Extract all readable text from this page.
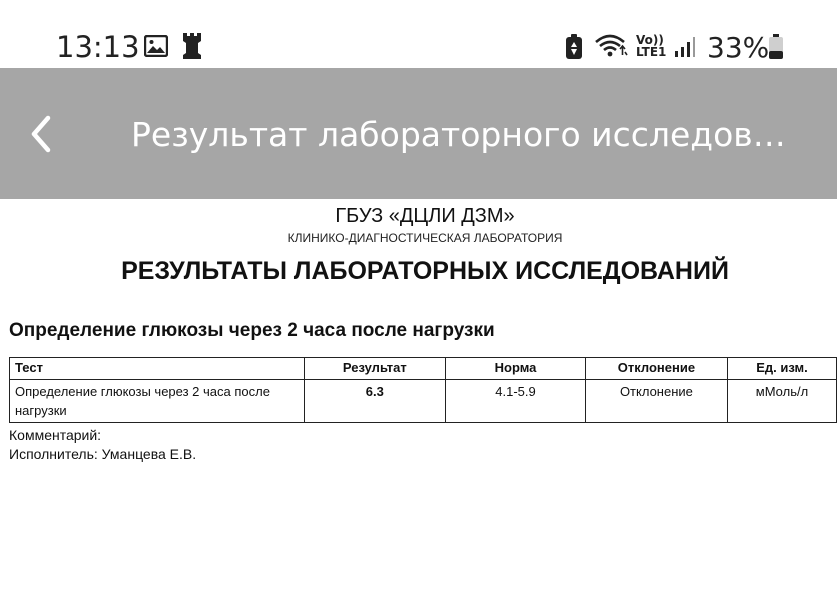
13:13	Vo))
LTE1 33%
Результат лабораторного исследов…
ГБУЗ «ДЦЛИ ДЗМ»
КЛИНИКО-ДИАГНОСТИЧЕСКАЯ ЛАБОРАТОРИЯ
РЕЗУЛЬТАТЫ ЛАБОРАТОРНЫХ ИССЛЕДОВАНИЙ
Определение глюкозы через 2 часа после нагрузки
Тест	Результат	Норма	Отклонение	Ед. изм.
Определение глюкозы через 2 часа после нагрузки	6.3	4.1-5.9	Отклонение	мМоль/л
Комментарий:
Исполнитель: Уманцева Е.В.
